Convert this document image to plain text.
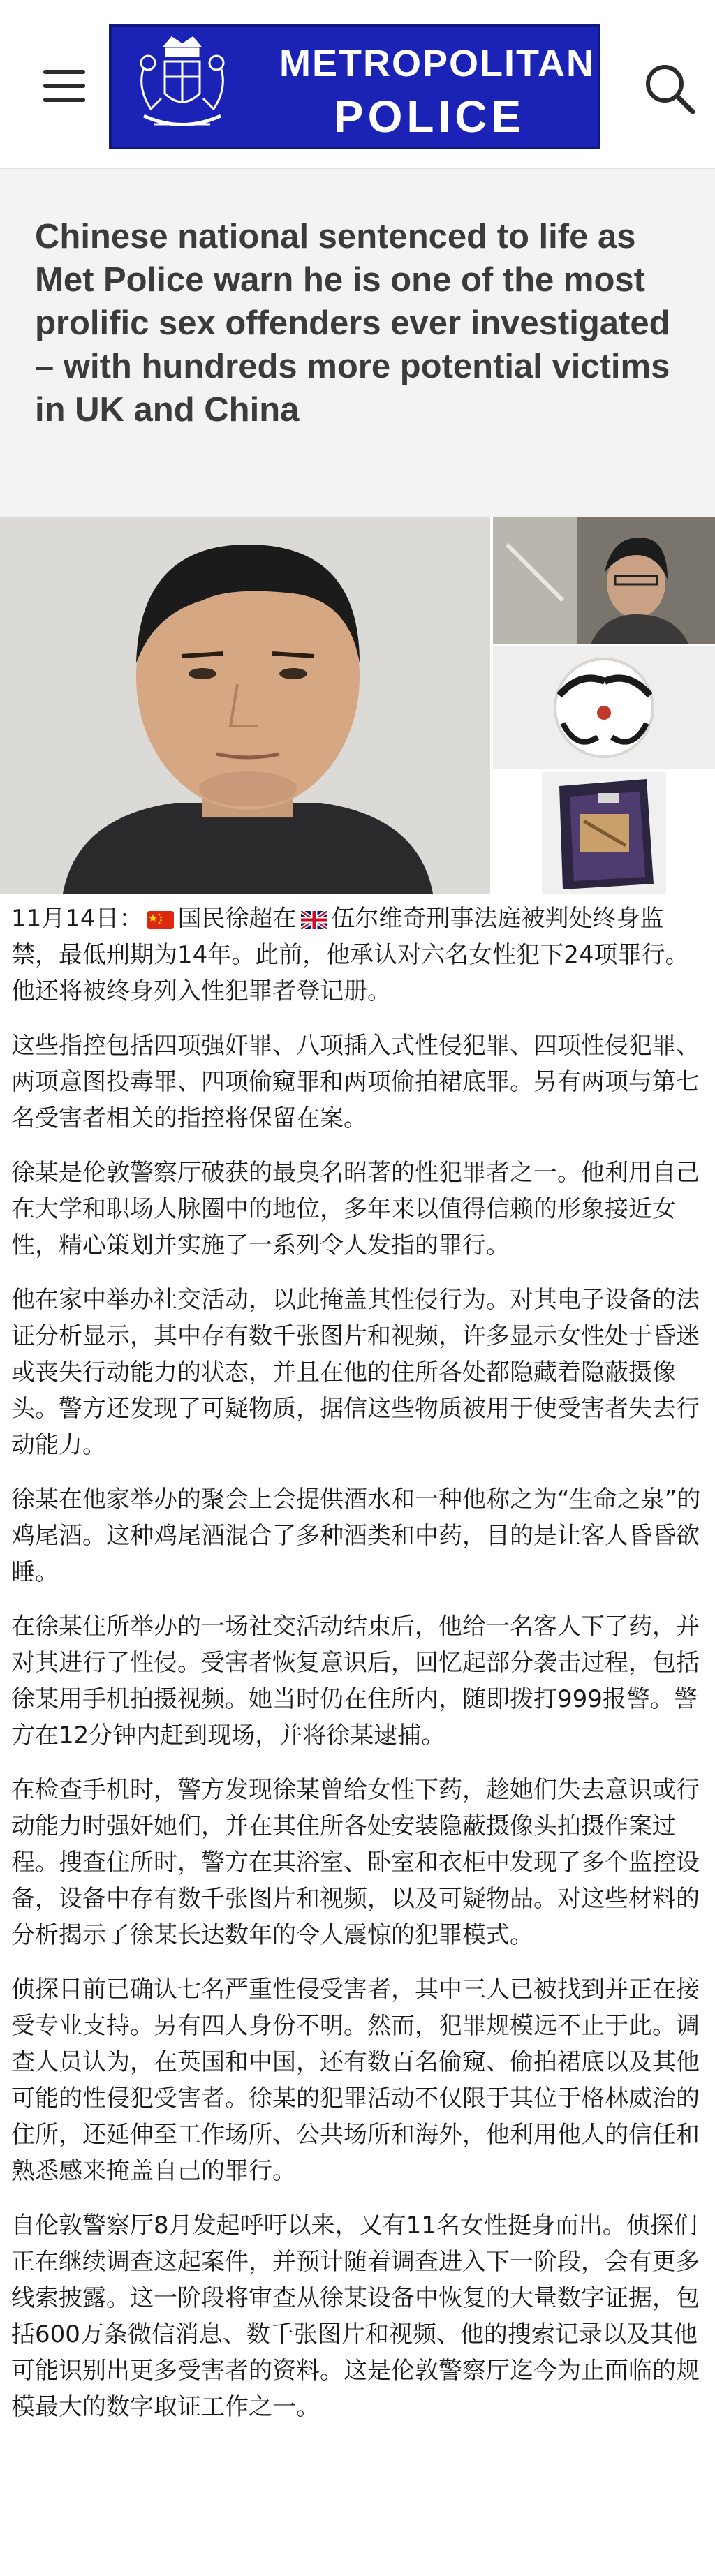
METROPOLITAN
POLICE
Chinese national sentenced to life as Met Police warn he is one of the most prolific sex offenders ever investigated – with hundreds more potential victims in UK and China

11月14日： 国民徐超在 伍尔维奇刑事法庭被判处终身监禁，最低刑期为14年。此前，他承认对六名女性犯下24项罪行。他还将被终身列入性犯罪者登记册。

这些指控包括四项强奸罪、八项插入式性侵犯罪、四项性侵犯罪、两项意图投毒罪、四项偷窥罪和两项偷拍裙底罪。另有两项与第七名受害者相关的指控将保留在案。

徐某是伦敦警察厅破获的最臭名昭著的性犯罪者之一。他利用自己在大学和职场人脉圈中的地位，多年来以值得信赖的形象接近女性，精心策划并实施了一系列令人发指的罪行。

他在家中举办社交活动，以此掩盖其性侵行为。对其电子设备的法证分析显示，其中存有数千张图片和视频，许多显示女性处于昏迷或丧失行动能力的状态，并且在他的住所各处都隐藏着隐蔽摄像头。警方还发现了可疑物质，据信这些物质被用于使受害者失去行动能力。

徐某在他家举办的聚会上会提供酒水和一种他称之为“生命之泉”的鸡尾酒。这种鸡尾酒混合了多种酒类和中药，目的是让客人昏昏欲睡。

在徐某住所举办的一场社交活动结束后，他给一名客人下了药，并对其进行了性侵。受害者恢复意识后，回忆起部分袭击过程，包括徐某用手机拍摄视频。她当时仍在住所内，随即拨打999报警。警方在12分钟内赶到现场，并将徐某逮捕。

在检查手机时，警方发现徐某曾给女性下药，趁她们失去意识或行动能力时强奸她们，并在其住所各处安装隐蔽摄像头拍摄作案过程。搜查住所时，警方在其浴室、卧室和衣柜中发现了多个监控设备，设备中存有数千张图片和视频，以及可疑物品。对这些材料的分析揭示了徐某长达数年的令人震惊的犯罪模式。

侦探目前已确认七名严重性侵受害者，其中三人已被找到并正在接受专业支持。另有四人身份不明。然而，犯罪规模远不止于此。调查人员认为，在英国和中国，还有数百名偷窥、偷拍裙底以及其他可能的性侵犯受害者。徐某的犯罪活动不仅限于其位于格林威治的住所，还延伸至工作场所、公共场所和海外，他利用他人的信任和熟悉感来掩盖自己的罪行。

自伦敦警察厅8月发起呼吁以来，又有11名女性挺身而出。侦探们正在继续调查这起案件，并预计随着调查进入下一阶段，会有更多线索披露。这一阶段将审查从徐某设备中恢复的大量数字证据，包括600万条微信消息、数千张图片和视频、他的搜索记录以及其他可能识别出更多受害者的资料。这是伦敦警察厅迄今为止面临的规模最大的数字取证工作之一。
